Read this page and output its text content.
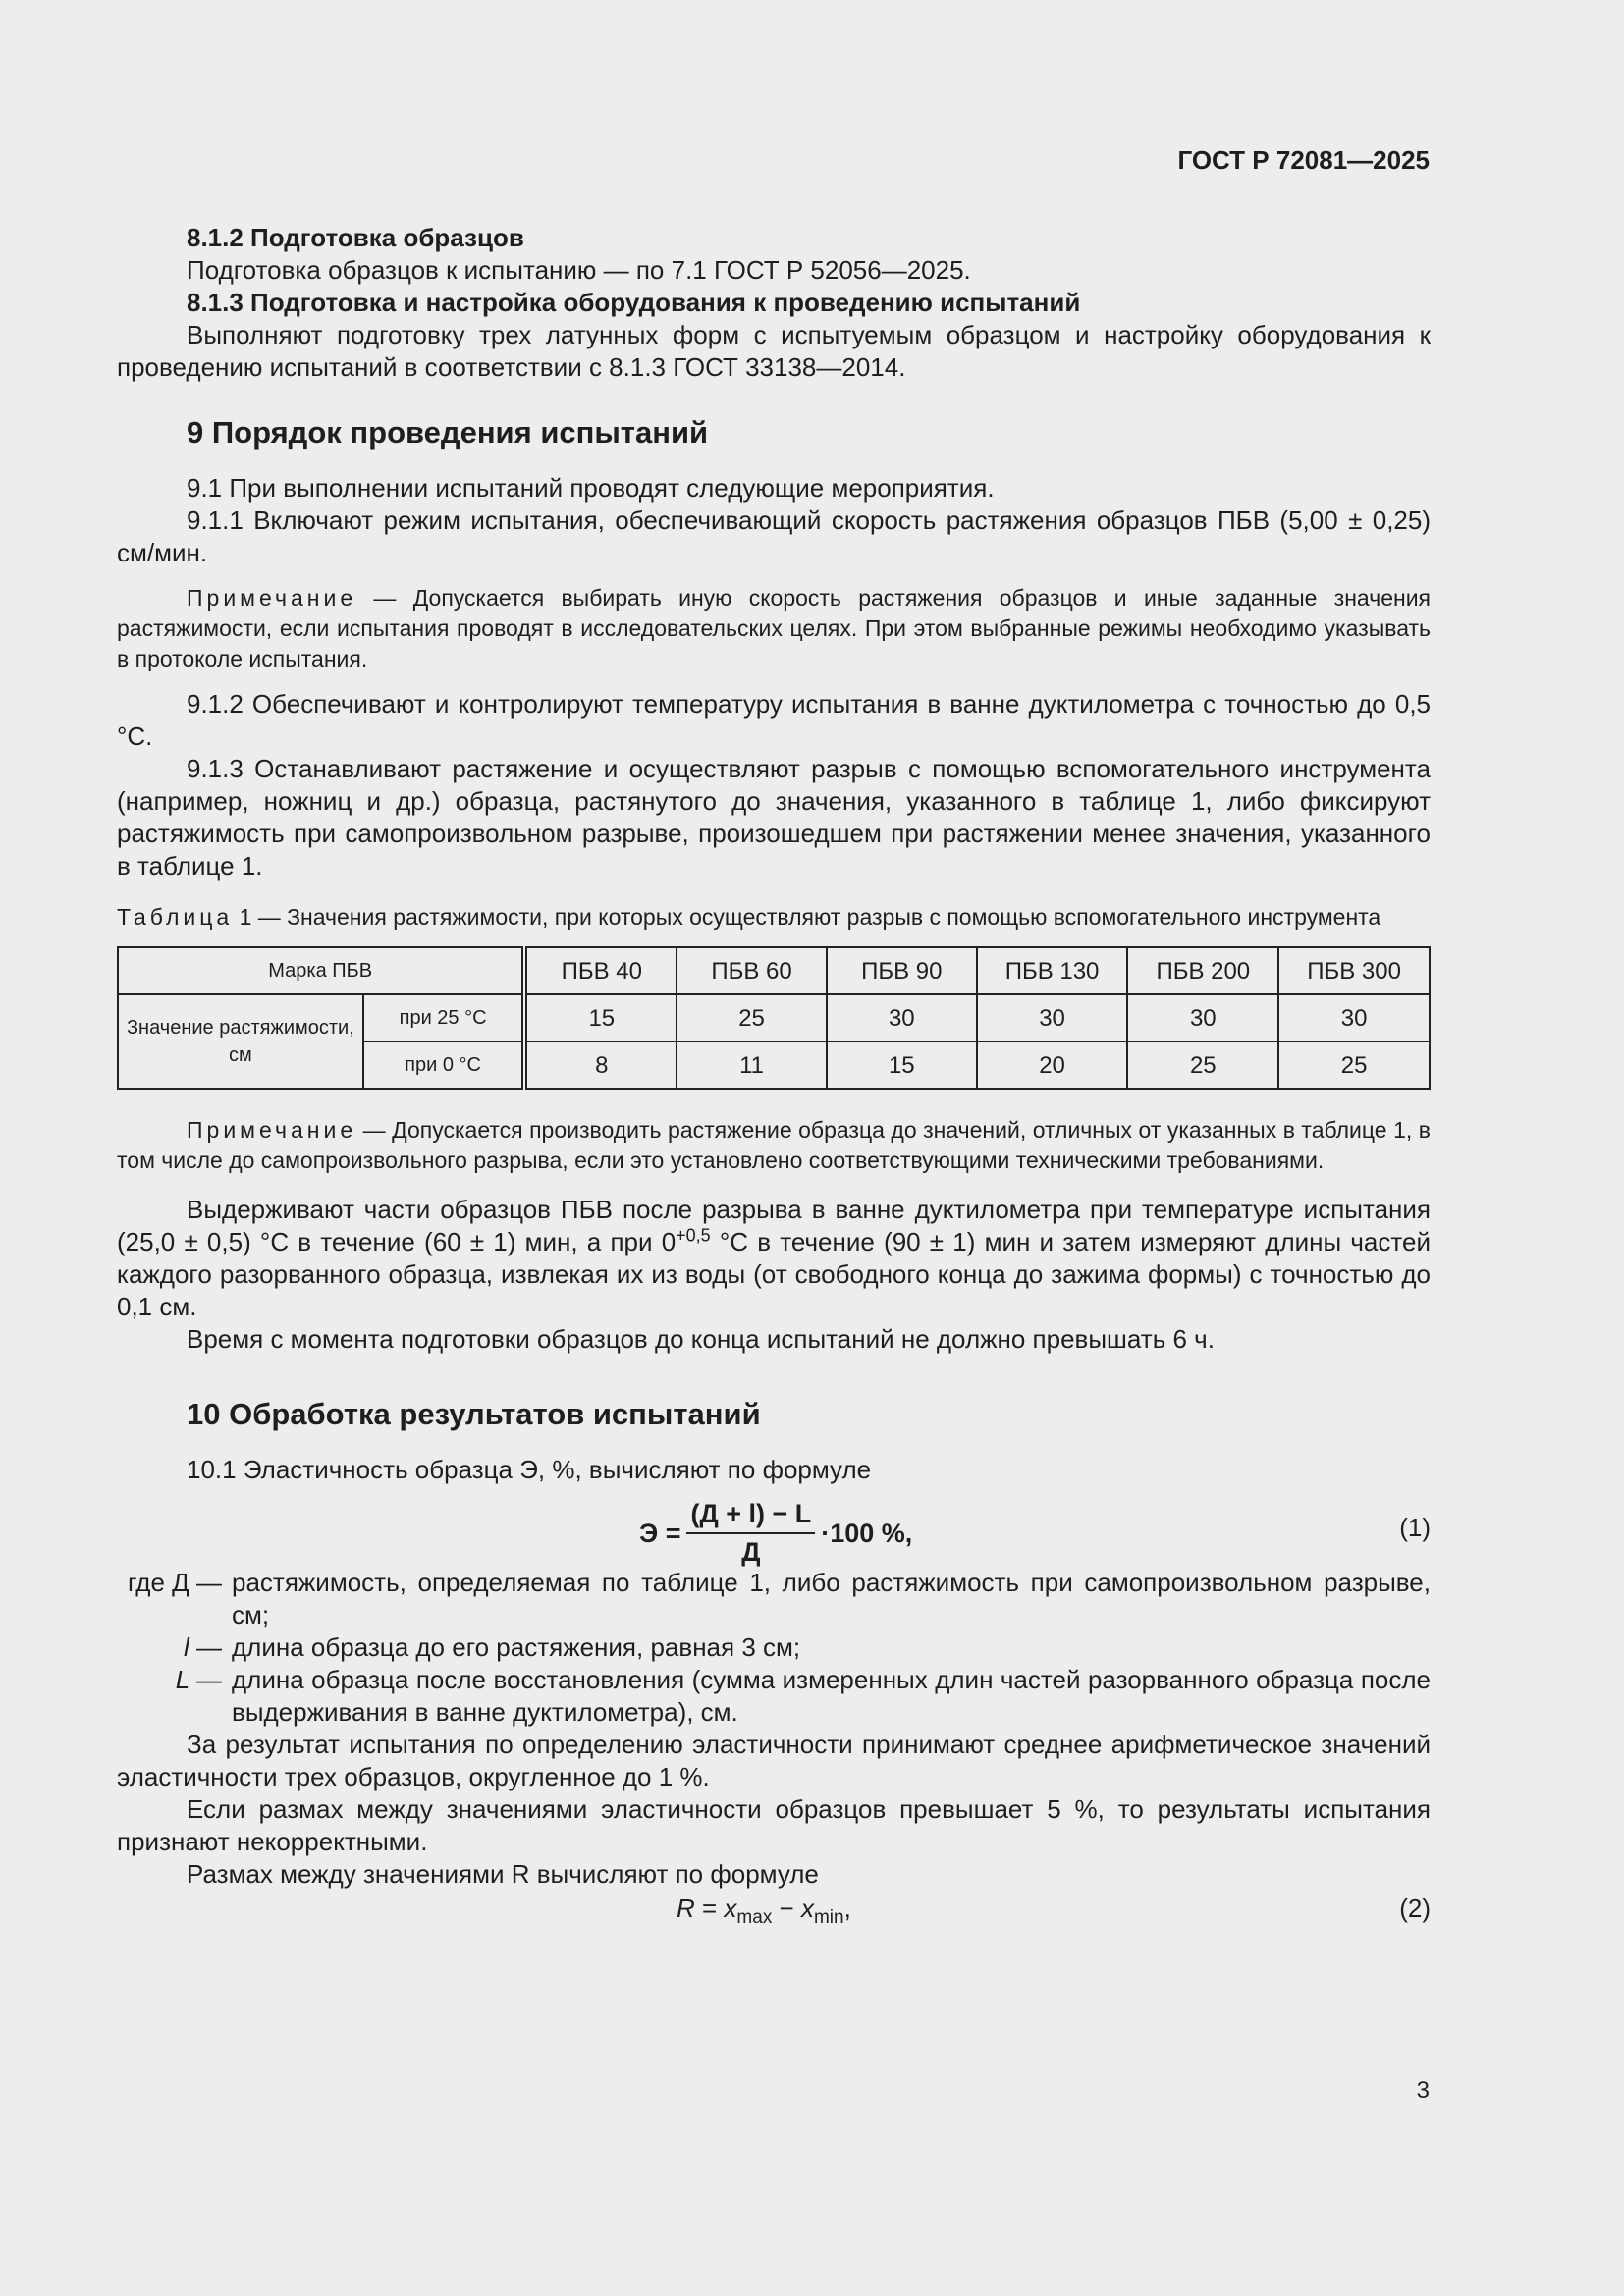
ГОСТ Р 72081—2025

8.1.2 Подготовка образцов

Подготовка образцов к испытанию — по 7.1 ГОСТ Р 52056—2025.

8.1.3 Подготовка и настройка оборудования к проведению испытаний

Выполняют подготовку трех латунных форм с испытуемым образцом и настройку оборудования к проведению испытаний в соответствии с 8.1.3 ГОСТ 33138—2014.

9 Порядок проведения испытаний

9.1 При выполнении испытаний проводят следующие мероприятия.

9.1.1 Включают режим испытания, обеспечивающий скорость растяжения образцов ПБВ (5,00 ± 0,25) см/мин.

Примечание — Допускается выбирать иную скорость растяжения образцов и иные заданные значения растяжимости, если испытания проводят в исследовательских целях. При этом выбранные режимы необходимо указывать в протоколе испытания.

9.1.2 Обеспечивают и контролируют температуру испытания в ванне дуктилометра с точностью до 0,5 °С.

9.1.3 Останавливают растяжение и осуществляют разрыв с помощью вспомогательного инструмента (например, ножниц и др.) образца, растянутого до значения, указанного в таблице 1, либо фиксируют растяжимость при самопроизвольном разрыве, произошедшем при растяжении менее значения, указанного в таблице 1.

Таблица 1 — Значения растяжимости, при которых осуществляют разрыв с помощью вспомогательного инструмента

Марка ПБВ		ПБВ 40	ПБВ 60	ПБВ 90	ПБВ 130	ПБВ 200	ПБВ 300
Значение растяжимости, см	при 25 °С	15	25	30	30	30	30
	при 0 °С	8	11	15	20	25	25

Примечание — Допускается производить растяжение образца до значений, отличных от указанных в таблице 1, в том числе до самопроизвольного разрыва, если это установлено соответствующими техническими требованиями.

Выдерживают части образцов ПБВ после разрыва в ванне дуктилометра при температуре испытания (25,0 ± 0,5) °С в течение (60 ± 1) мин, а при $0^{+0,5}$ °С в течение (90 ± 1) мин и затем измеряют длины частей каждого разорванного образца, извлекая их из воды (от свободного конца до зажима формы) с точностью до 0,1 см.

Время с момента подготовки образцов до конца испытаний не должно превышать 6 ч.

10 Обработка результатов испытаний

10.1 Эластичность образца Э, %, вычисляют по формуле

$Э = \frac{(Д + l) - L}{Д} \cdot 100$ %,	(1)
где Д — растяжимость, определяемая по таблице 1, либо растяжимость при самопроизвольном разрыве, см;
l — длина образца до его растяжения, равная 3 см;
L — длина образца после восстановления (сумма измеренных длин частей разорванного образца после выдерживания в ванне дуктилометра), см.

За результат испытания по определению эластичности принимают среднее арифметическое значений эластичности трех образцов, округленное до 1 %.

Если размах между значениями эластичности образцов превышает 5 %, то результаты испытания признают некорректными.

Размах между значениями R вычисляют по формуле

$R = x_{max} - x_{min}$,	(2)
3
